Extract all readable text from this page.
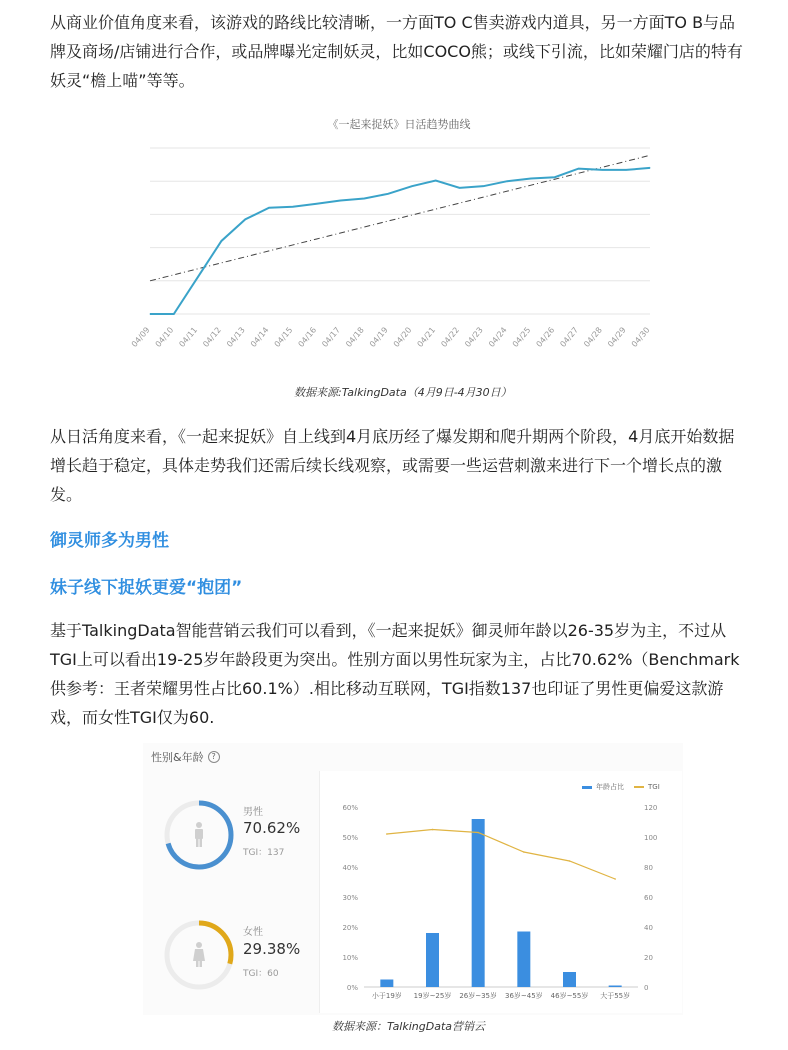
从商业价值角度来看，该游戏的路线比较清晰，一方面TO C售卖游戏内道具，另一方面TO B与品牌及商场/店铺进行合作，或品牌曝光定制妖灵，比如COCO熊；或线下引流，比如荣耀门店的特有妖灵“檐上喵”等等。

《一起来捉妖》日活趋势曲线
04/09 04/10 04/11 04/12 04/13 04/14 04/15 04/16 04/17 04/18 04/19 04/20 04/21 04/22 04/23 04/24 04/25 04/26 04/27 04/28 04/29 04/30

数据来源:TalkingData（4月9日-4月30日）

从日活角度来看，《一起来捉妖》自上线到4月底历经了爆发期和爬升期两个阶段，4月底开始数据增长趋于稳定，具体走势我们还需后续长线观察，或需要一些运营刺激来进行下一个增长点的激发。

御灵师多为男性

妹子线下捉妖更爱“抱团”

基于TalkingData智能营销云我们可以看到，《一起来捉妖》御灵师年龄以26-35岁为主，不过从TGI上可以看出19-25岁年龄段更为突出。性别方面以男性玩家为主，占比70.62%（Benchmark供参考：王者荣耀男性占比60.1%）.相比移动互联网，TGI指数137也印证了男性更偏爱这款游戏，而女性TGI仅为60.

性别&年龄 ?
男性
70.62%
TGI：137
女性
29.38%
TGI：60
0%
10%
20%
30%
40%
50%
60%
0
20
40
60
80
100
120
小于19岁 19岁~25岁 26岁~35岁 36岁~45岁 46岁~55岁 大于55岁
年龄占比	TGI

数据来源：TalkingData营销云
